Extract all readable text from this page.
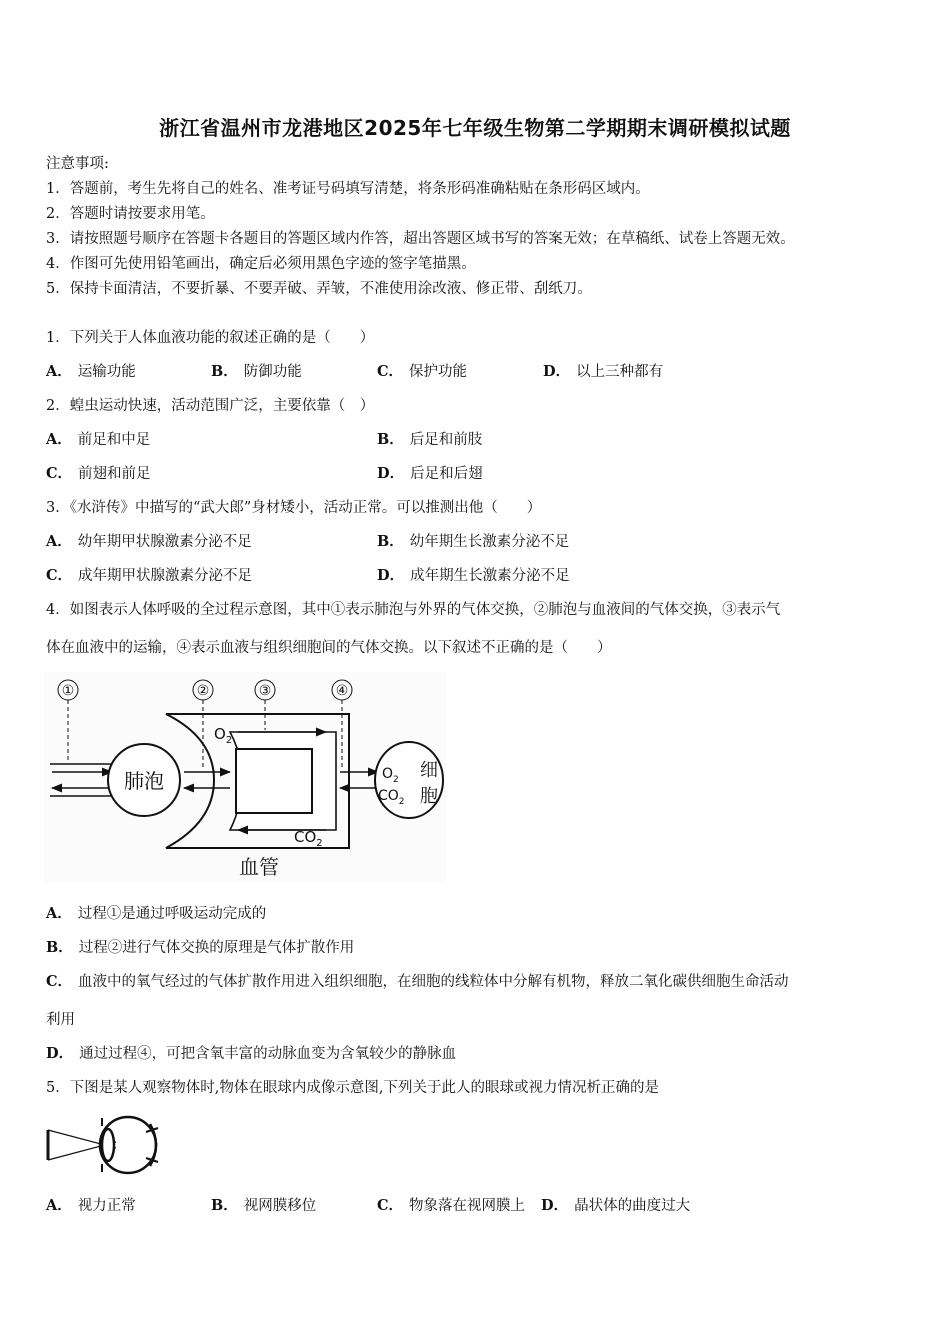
浙江省温州市龙港地区2025年七年级生物第二学期期末调研模拟试题
注意事项:
1．答题前，考生先将自己的姓名、准考证号码填写清楚，将条形码准确粘贴在条形码区域内。
2．答题时请按要求用笔。
3．请按照题号顺序在答题卡各题目的答题区域内作答，超出答题区域书写的答案无效；在草稿纸、试卷上答题无效。
4．作图可先使用铅笔画出，确定后必须用黑色字迹的签字笔描黑。
5．保持卡面清洁，不要折暴、不要弄破、弄皱，不准使用涂改液、修正带、刮纸刀。
1．下列关于人体血液功能的叙述正确的是（　　）
A． 运输功能	B． 防御功能	C． 保护功能	D． 以上三种都有
2．蝗虫运动快速，活动范围广泛，主要依靠（　）
A． 前足和中足	B． 后足和前肢
C． 前翅和前足	D． 后足和后翅
3．《水浒传》中描写的“武大郎”身材矮小，活动正常。可以推测出他（　　）
A． 幼年期甲状腺激素分泌不足	B． 幼年期生长激素分泌不足
C． 成年期甲状腺激素分泌不足	D． 成年期生长激素分泌不足
4．如图表示人体呼吸的全过程示意图，其中①表示肺泡与外界的气体交换，②肺泡与血液间的气体交换，③表示气
体在血液中的运输，④表示血液与组织细胞间的气体交换。以下叙述不正确的是（　　）
①	②	③	④
肺泡
$O_2$
$CO_2$
$O_2$
$CO_2$
细
胞
血管
A． 过程①是通过呼吸运动完成的
B． 过程②进行气体交换的原理是气体扩散作用
C． 血液中的氧气经过的气体扩散作用进入组织细胞，在细胞的线粒体中分解有机物，释放二氧化碳供细胞生命活动
利用
D． 通过过程④，可把含氧丰富的动脉血变为含氧较少的静脉血
5．下图是某人观察物体时,物体在眼球内成像示意图,下列关于此人的眼球或视力情况析正确的是
A． 视力正常	B． 视网膜移位	C． 物象落在视网膜上 D． 晶状体的曲度过大
